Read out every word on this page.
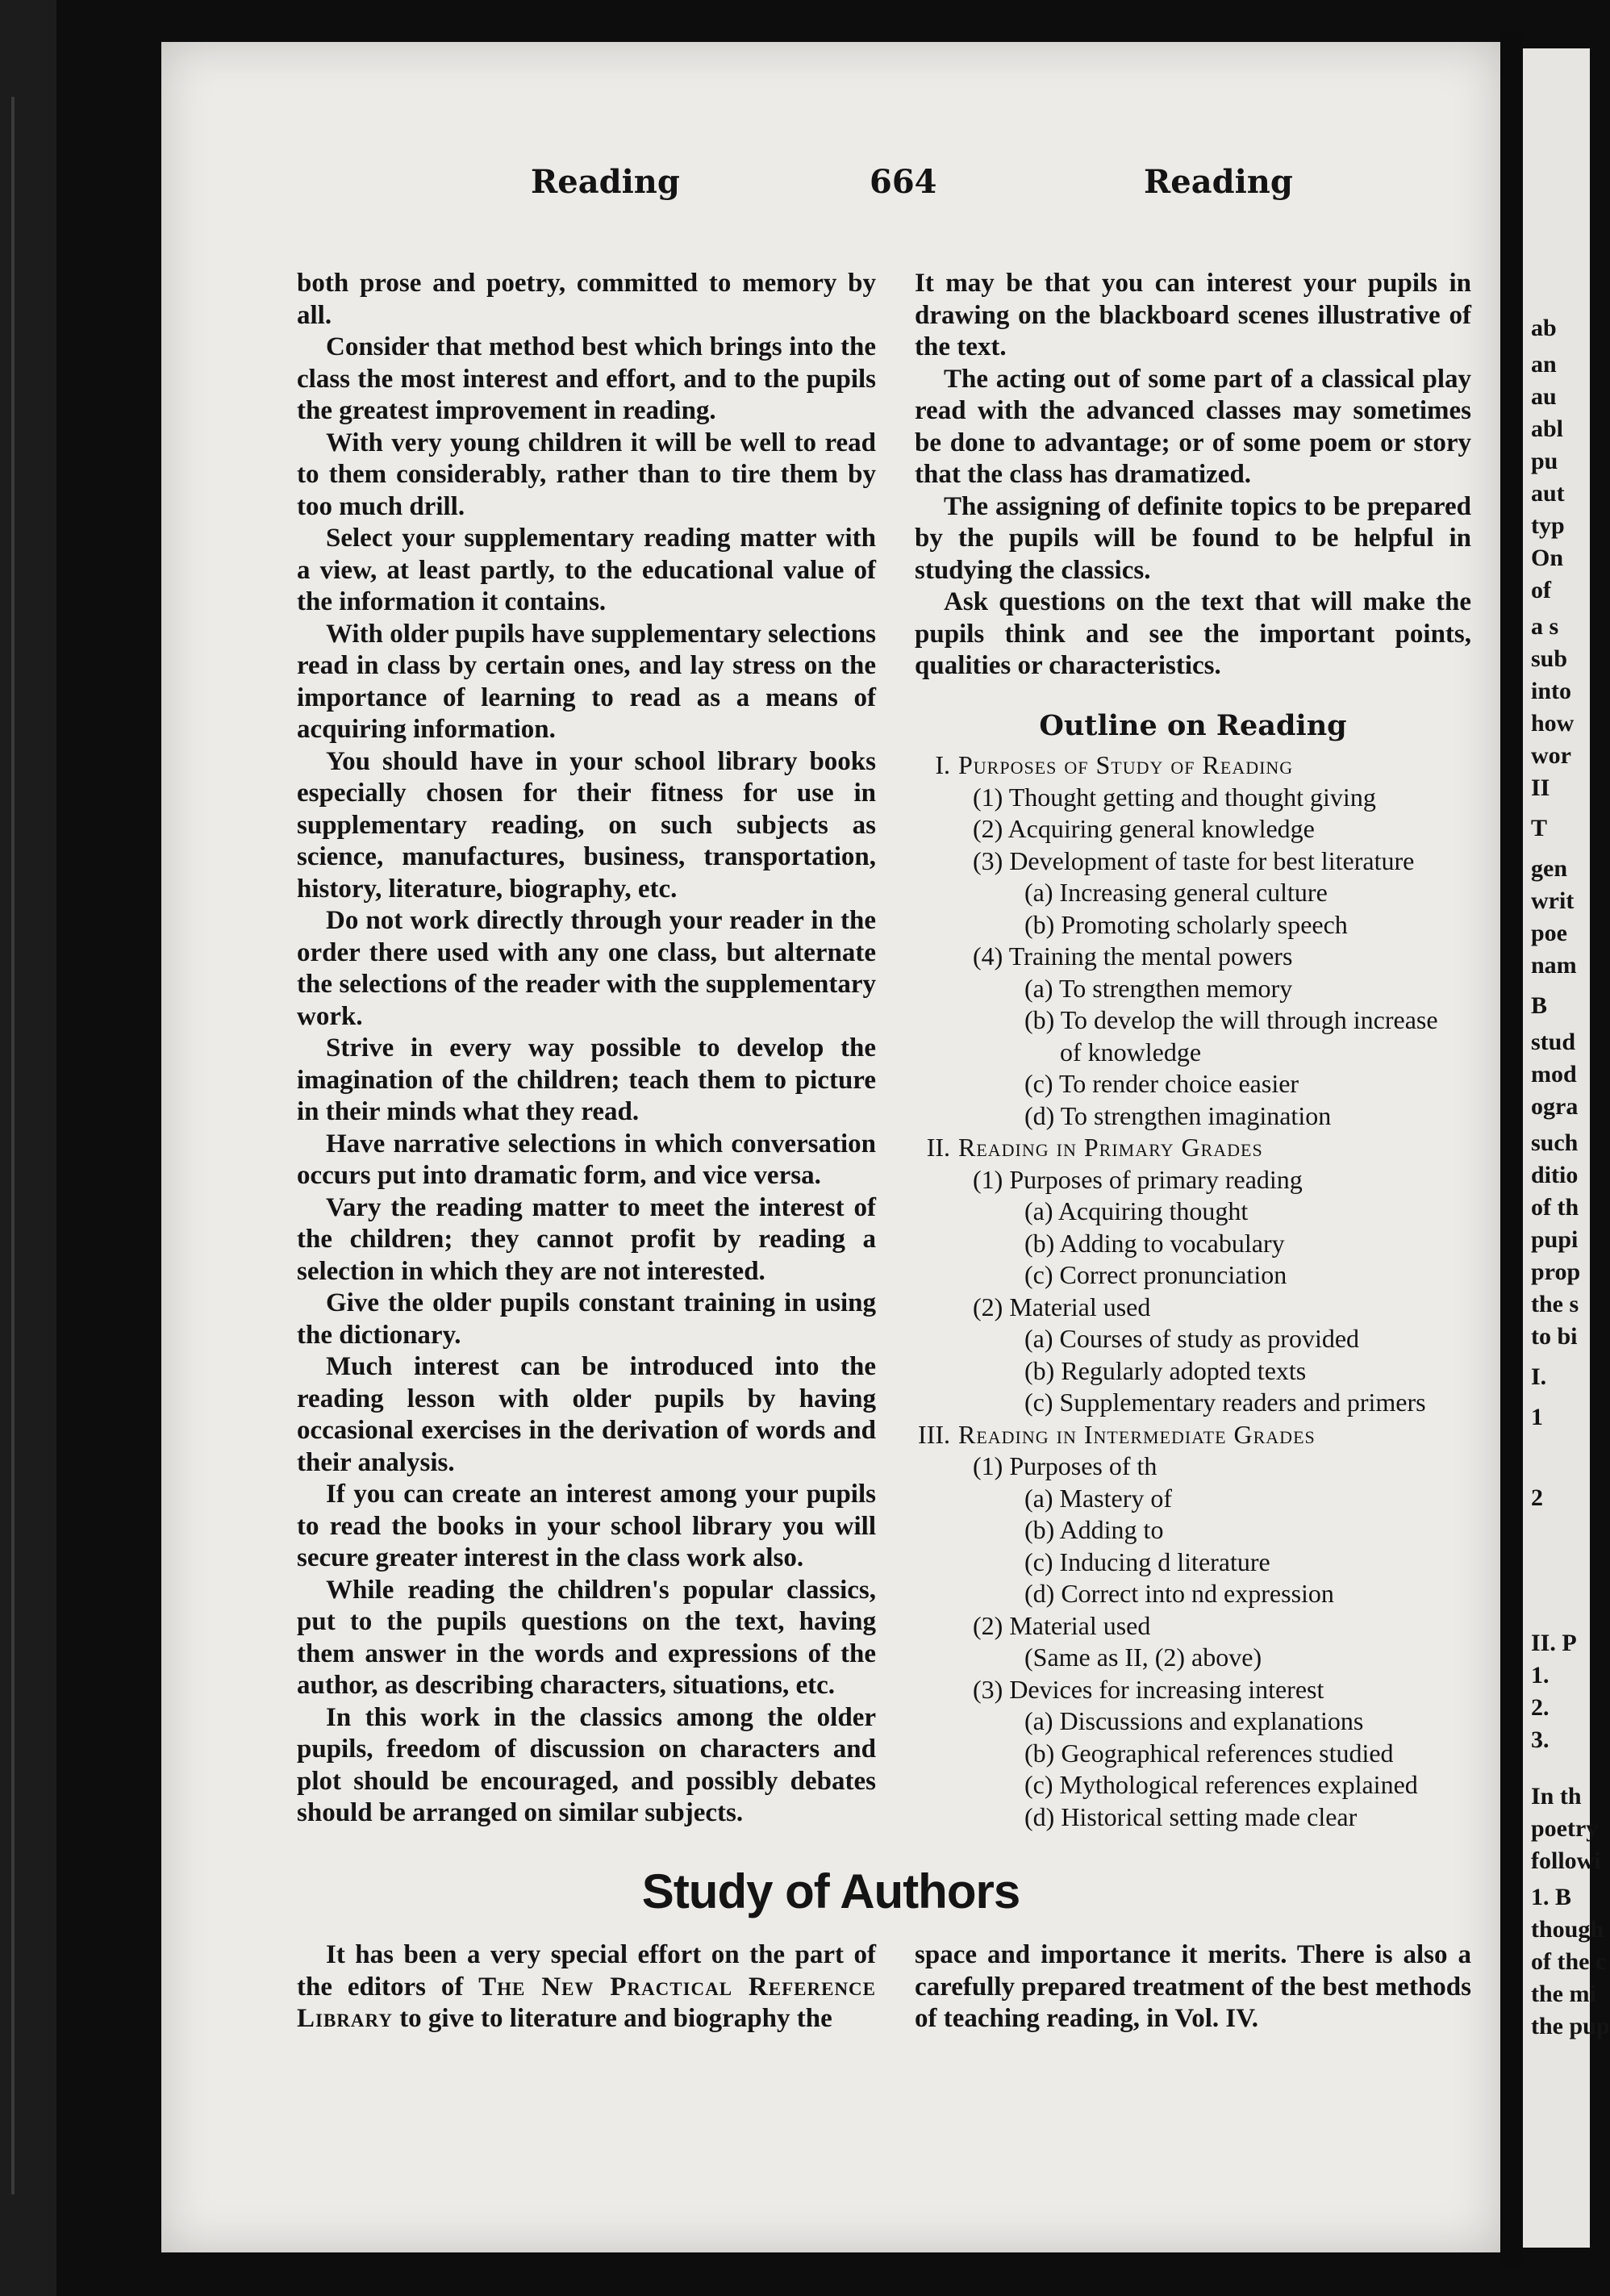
Reading	664	Reading

both prose and poetry, committed to memory by all.

Consider that method best which brings into the class the most interest and effort, and to the pupils the greatest improvement in reading.

With very young children it will be well to read to them considerably, rather than to tire them by too much drill.

Select your supplementary reading matter with a view, at least partly, to the educational value of the information it contains.

With older pupils have supplementary selections read in class by certain ones, and lay stress on the importance of learning to read as a means of acquiring information.

You should have in your school library books especially chosen for their fitness for use in supplementary reading, on such subjects as science, manufactures, business, transportation, history, literature, biography, etc.

Do not work directly through your reader in the order there used with any one class, but alternate the selections of the reader with the supplementary work.

Strive in every way possible to develop the imagination of the children; teach them to picture in their minds what they read.

Have narrative selections in which conversation occurs put into dramatic form, and vice versa.

Vary the reading matter to meet the interest of the children; they cannot profit by reading a selection in which they are not interested.

Give the older pupils constant training in using the dictionary.

Much interest can be introduced into the reading lesson with older pupils by having occasional exercises in the derivation of words and their analysis.

If you can create an interest among your pupils to read the books in your school library you will secure greater interest in the class work also.

While reading the children's popular classics, put to the pupils questions on the text, having them answer in the words and expressions of the author, as describing characters, situations, etc.

In this work in the classics among the older pupils, freedom of discussion on characters and plot should be encouraged, and possibly debates should be arranged on similar subjects.

It may be that you can interest your pupils in drawing on the blackboard scenes illustrative of the text.

The acting out of some part of a classical play read with the advanced classes may sometimes be done to advantage; or of some poem or story that the class has dramatized.

The assigning of definite topics to be prepared by the pupils will be found to be helpful in studying the classics.

Ask questions on the text that will make the pupils think and see the important points, qualities or characteristics.

Outline on Reading
I. Purposes of Study of Reading
(1) Thought getting and thought giving
(2) Acquiring general knowledge
(3) Development of taste for best literature
(a) Increasing general culture
(b) Promoting scholarly speech
(4) Training the mental powers
(a) To strengthen memory
(b) To develop the will through increase
of knowledge
(c) To render choice easier
(d) To strengthen imagination
II. Reading in Primary Grades
(1) Purposes of primary reading
(a) Acquiring thought
(b) Adding to vocabulary
(c) Correct pronunciation
(2) Material used
(a) Courses of study as provided
(b) Regularly adopted texts
(c) Supplementary readers and primers
III. Reading in Intermediate Grades
(1) Purposes of th
(a) Mastery of
(b) Adding to
(c) Inducing d literature
(d) Correct into nd expression
(2) Material used
(Same as II, (2) above)
(3) Devices for increasing interest
(a) Discussions and explanations
(b) Geographical references studied
(c) Mythological references explained
(d) Historical setting made clear
Study of Authors

It has been a very special effort on the part of the editors of The New Practical Reference Library to give to literature and biography the

space and importance it merits. There is also a carefully prepared treatment of the best methods of teaching reading, in Vol. IV.

ab
an
au
abl
pu
aut
typ
On
of
a s
sub
into
how
wor
II
T
gen
writ
poe
nam
B
stud
mod
ogra
such
ditio
of th
pupi
prop
the s
to bi
I.
1
2
II. P
1.
2.
3.
In th
poetry
followi
1. B
though
of the c
the mi
the pup
